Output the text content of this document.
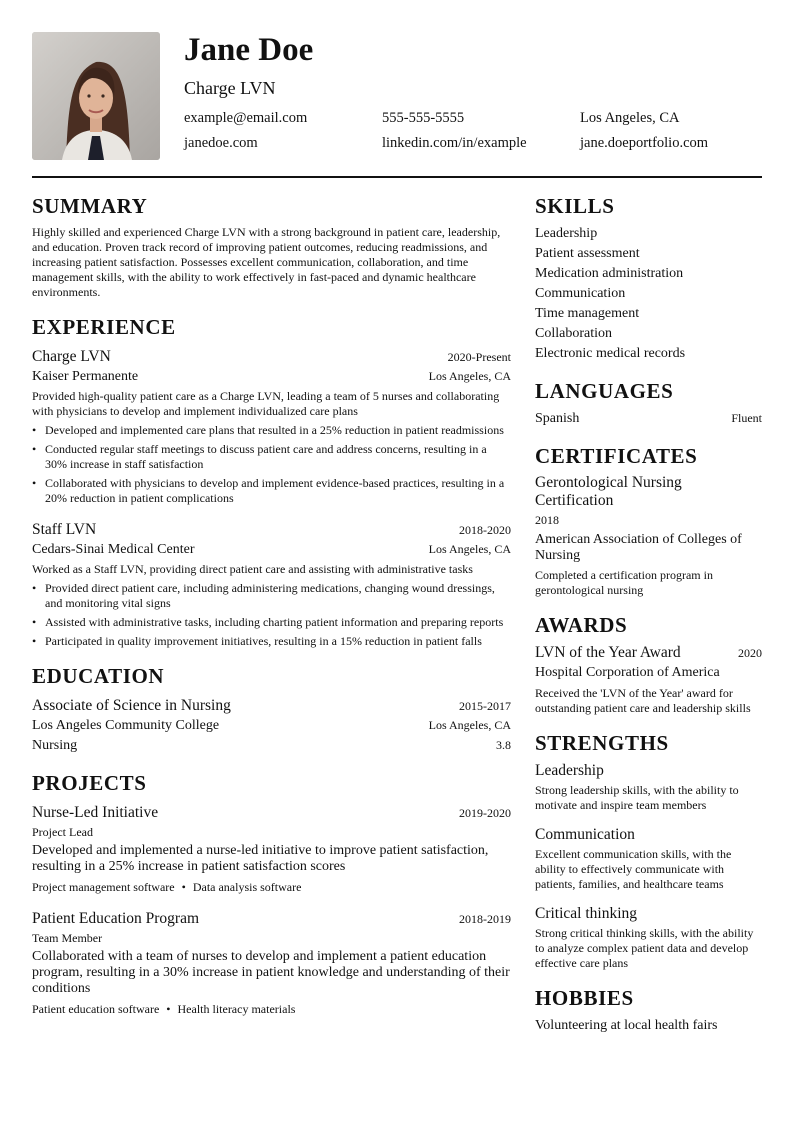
Jane Doe
Charge LVN
example@email.com	555-555-5555	Los Angeles, CA
janedoe.com	linkedin.com/in/example	jane.doeportfolio.com
SUMMARY

Highly skilled and experienced Charge LVN with a strong background in patient care, leadership, and education. Proven track record of improving patient outcomes, reducing readmissions, and increasing patient satisfaction. Possesses excellent communication, collaboration, and time management skills, with the ability to work effectively in fast-paced and dynamic healthcare environments.

EXPERIENCE
Charge LVN	2020-Present
Kaiser Permanente	Los Angeles, CA

Provided high-quality patient care as a Charge LVN, leading a team of 5 nurses and collaborating with physicians to develop and implement individualized care plans

• Developed and implemented care plans that resulted in a 25% reduction in patient readmissions
• Conducted regular staff meetings to discuss patient care and address concerns, resulting in a 30% increase in staff satisfaction
• Collaborated with physicians to develop and implement evidence-based practices, resulting in a 20% reduction in patient complications
Staff LVN	2018-2020
Cedars-Sinai Medical Center	Los Angeles, CA

Worked as a Staff LVN, providing direct patient care and assisting with administrative tasks

• Provided direct patient care, including administering medications, changing wound dressings, and monitoring vital signs
• Assisted with administrative tasks, including charting patient information and preparing reports
• Participated in quality improvement initiatives, resulting in a 15% reduction in patient falls
EDUCATION
Associate of Science in Nursing	2015-2017
Los Angeles Community College	Los Angeles, CA
Nursing	3.8
PROJECTS
Nurse-Led Initiative	2019-2020
Project Lead

Developed and implemented a nurse-led initiative to improve patient satisfaction, resulting in a 25% increase in patient satisfaction scores

Project management software • Data analysis software
Patient Education Program	2018-2019
Team Member

Collaborated with a team of nurses to develop and implement a patient education program, resulting in a 30% increase in patient knowledge and understanding of their conditions

Patient education software • Health literacy materials
SKILLS
Leadership
Patient assessment
Medication administration
Communication
Time management
Collaboration
Electronic medical records
LANGUAGES
Spanish	Fluent
CERTIFICATES
Gerontological Nursing Certification
2018
American Association of Colleges of Nursing
Completed a certification program in gerontological nursing
AWARDS
LVN of the Year Award	2020
Hospital Corporation of America
Received the 'LVN of the Year' award for outstanding patient care and leadership skills
STRENGTHS
Leadership
Strong leadership skills, with the ability to motivate and inspire team members
Communication
Excellent communication skills, with the ability to effectively communicate with patients, families, and healthcare teams
Critical thinking
Strong critical thinking skills, with the ability to analyze complex patient data and develop effective care plans
HOBBIES
Volunteering at local health fairs
